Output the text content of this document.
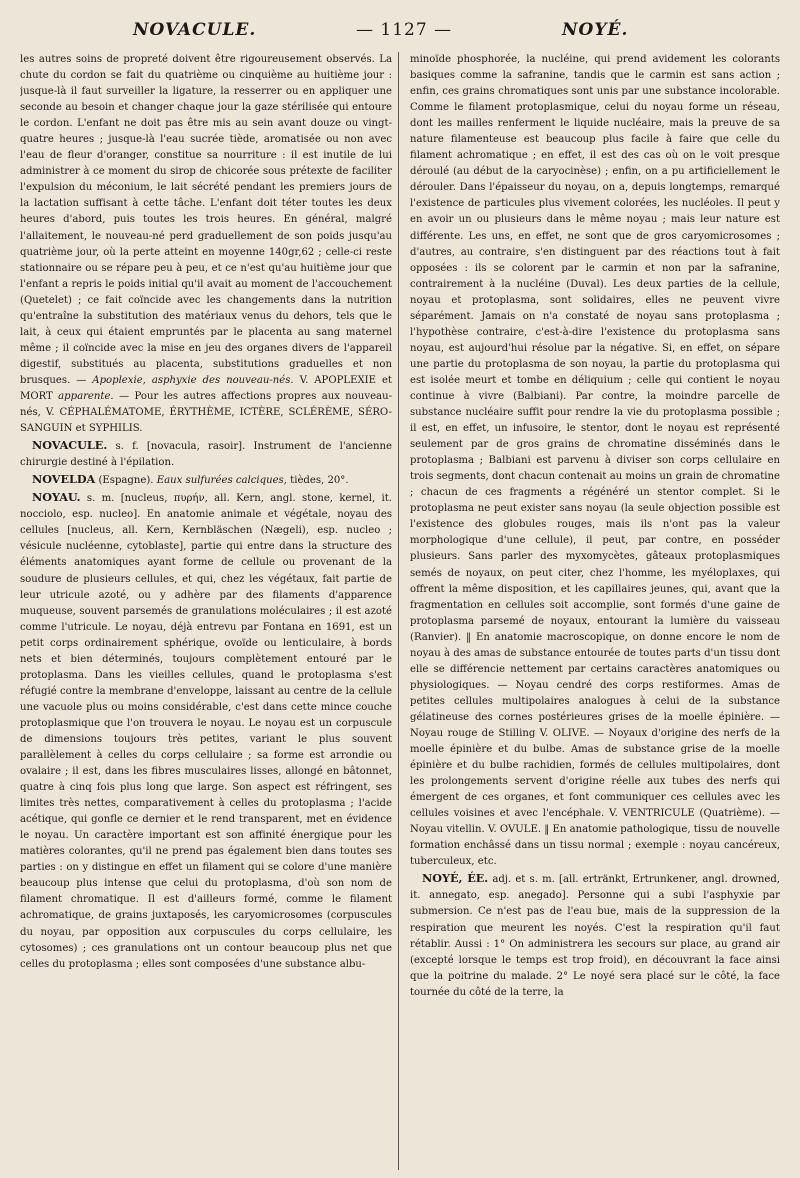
NOVACULE.	— 1127 —	NOYÉ.

les autres soins de propreté doivent être rigoureusement observés. La chute du cordon se fait du quatrième ou cinquième au huitième jour : jusque-là il faut surveiller la ligature, la resserrer ou en appliquer une seconde au besoin et changer chaque jour la gaze stérilisée qui entoure le cordon. L'enfant ne doit pas être mis au sein avant douze ou vingt-quatre heures ; jusque-là l'eau sucrée tiède, aromatisée ou non avec l'eau de fleur d'oranger, constitue sa nourriture : il est inutile de lui administrer à ce moment du sirop de chicorée sous prétexte de faciliter l'expulsion du méconium, le lait sécrété pendant les premiers jours de la lactation suffisant à cette tâche. L'enfant doit téter toutes les deux heures d'abord, puis toutes les trois heures. En général, malgré l'allaitement, le nouveau-né perd graduellement de son poids jusqu'au quatrième jour, où la perte atteint en moyenne 140gr,62 ; celle-ci reste stationnaire ou se répare peu à peu, et ce n'est qu'au huitième jour que l'enfant a repris le poids initial qu'il avait au moment de l'accouchement (Quetelet) ; ce fait coïncide avec les changements dans la nutrition qu'entraîne la substitution des matériaux venus du dehors, tels que le lait, à ceux qui étaient empruntés par le placenta au sang maternel même ; il coïncide avec la mise en jeu des organes divers de l'appareil digestif, substitués au placenta, substitutions graduelles et non brusques. — Apoplexie, asphyxie des nouveau-nés. V. APOPLEXIE et MORT apparente. — Pour les autres affections propres aux nouveau-nés, V. CÉPHALÉMATOME, ÉRYTHÈME, ICTÈRE, SCLÉRÈME, SÉRO-SANGUIN et SYPHILIS.

NOVACULE. s. f. [novacula, rasoir]. Instrument de l'ancienne chirurgie destiné à l'épilation.

NOVELDA (Espagne). Eaux sulfurées calciques, tièdes, 20°.

NOYAU. s. m. [nucleus, πυρήν, all. Kern, angl. stone, kernel, it. nocciolo, esp. nucleo]. En anatomie animale et végétale, noyau des cellules [nucleus, all. Kern, Kernbläschen (Nægeli), esp. nucleo ; vésicule nucléenne, cytoblaste], partie qui entre dans la structure des éléments anatomiques ayant forme de cellule ou provenant de la soudure de plusieurs cellules, et qui, chez les végétaux, fait partie de leur utricule azoté, ou y adhère par des filaments d'apparence muqueuse, souvent parsemés de granulations moléculaires ; il est azoté comme l'utricule. Le noyau, déjà entrevu par Fontana en 1691, est un petit corps ordinairement sphérique, ovoïde ou lenticulaire, à bords nets et bien déterminés, toujours complètement entouré par le protoplasma. Dans les vieilles cellules, quand le protoplasma s'est réfugié contre la membrane d'enveloppe, laissant au centre de la cellule une vacuole plus ou moins considérable, c'est dans cette mince couche protoplasmique que l'on trouvera le noyau. Le noyau est un corpuscule de dimensions toujours très petites, variant le plus souvent parallèlement à celles du corps cellulaire ; sa forme est arrondie ou ovalaire ; il est, dans les fibres musculaires lisses, allongé en bâtonnet, quatre à cinq fois plus long que large. Son aspect est réfringent, ses limites très nettes, comparativement à celles du protoplasma ; l'acide acétique, qui gonfle ce dernier et le rend transparent, met en évidence le noyau. Un caractère important est son affinité énergique pour les matières colorantes, qu'il ne prend pas également bien dans toutes ses parties : on y distingue en effet un filament qui se colore d'une manière beaucoup plus intense que celui du protoplasma, d'où son nom de filament chromatique. Il est d'ailleurs formé, comme le filament achromatique, de grains juxtaposés, les caryomicrosomes (corpuscules du noyau, par opposition aux corpuscules du corps cellulaire, les cytosomes) ; ces granulations ont un contour beaucoup plus net que celles du protoplasma ; elles sont composées d'une substance albu-

minoïde phosphorée, la nucléine, qui prend avidement les colorants basiques comme la safranine, tandis que le carmin est sans action ; enfin, ces grains chromatiques sont unis par une substance incolorable. Comme le filament protoplasmique, celui du noyau forme un réseau, dont les mailles renferment le liquide nucléaire, mais la preuve de sa nature filamenteuse est beaucoup plus facile à faire que celle du filament achromatique ; en effet, il est des cas où on le voit presque déroulé (au début de la caryocinèse) ; enfin, on a pu artificiellement le dérouler. Dans l'épaisseur du noyau, on a, depuis longtemps, remarqué l'existence de particules plus vivement colorées, les nucléoles. Il peut y en avoir un ou plusieurs dans le même noyau ; mais leur nature est différente. Les uns, en effet, ne sont que de gros caryomicrosomes ; d'autres, au contraire, s'en distinguent par des réactions tout à fait opposées : ils se colorent par le carmin et non par la safranine, contrairement à la nucléine (Duval). Les deux parties de la cellule, noyau et protoplasma, sont solidaires, elles ne peuvent vivre séparément. Jamais on n'a constaté de noyau sans protoplasma ; l'hypothèse contraire, c'est-à-dire l'existence du protoplasma sans noyau, est aujourd'hui résolue par la négative. Si, en effet, on sépare une partie du protoplasma de son noyau, la partie du protoplasma qui est isolée meurt et tombe en déliquium ; celle qui contient le noyau continue à vivre (Balbiani). Par contre, la moindre parcelle de substance nucléaire suffit pour rendre la vie du protoplasma possible ; il est, en effet, un infusoire, le stentor, dont le noyau est représenté seulement par de gros grains de chromatine disséminés dans le protoplasma ; Balbiani est parvenu à diviser son corps cellulaire en trois segments, dont chacun contenait au moins un grain de chromatine ; chacun de ces fragments a régénéré un stentor complet. Si le protoplasma ne peut exister sans noyau (la seule objection possible est l'existence des globules rouges, mais ils n'ont pas la valeur morphologique d'une cellule), il peut, par contre, en posséder plusieurs. Sans parler des myxomycètes, gâteaux protoplasmiques semés de noyaux, on peut citer, chez l'homme, les myéloplaxes, qui offrent la même disposition, et les capillaires jeunes, qui, avant que la fragmentation en cellules soit accomplie, sont formés d'une gaine de protoplasma parsemé de noyaux, entourant la lumière du vaisseau (Ranvier). ‖ En anatomie macroscopique, on donne encore le nom de noyau à des amas de substance entourée de toutes parts d'un tissu dont elle se différencie nettement par certains caractères anatomiques ou physiologiques. — Noyau cendré des corps restiformes. Amas de petites cellules multipolaires analogues à celui de la substance gélatineuse des cornes postérieures grises de la moelle épinière. — Noyau rouge de Stilling V. OLIVE. — Noyaux d'origine des nerfs de la moelle épinière et du bulbe. Amas de substance grise de la moelle épinière et du bulbe rachidien, formés de cellules multipolaires, dont les prolongements servent d'origine réelle aux tubes des nerfs qui émergent de ces organes, et font communiquer ces cellules avec les cellules voisines et avec l'encéphale. V. VENTRICULE (Quatrième). — Noyau vitellin. V. OVULE. ‖ En anatomie pathologique, tissu de nouvelle formation enchâssé dans un tissu normal ; exemple : noyau cancéreux, tuberculeux, etc.

NOYÉ, ÉE. adj. et s. m. [all. ertränkt, Ertrunkener, angl. drowned, it. annegato, esp. anegado]. Personne qui a subi l'asphyxie par submersion. Ce n'est pas de l'eau bue, mais de la suppression de la respiration que meurent les noyés. C'est la respiration qu'il faut rétablir. Aussi : 1° On administrera les secours sur place, au grand air (excepté lorsque le temps est trop froid), en découvrant la face ainsi que la poitrine du malade. 2° Le noyé sera placé sur le côté, la face tournée du côté de la terre, la
